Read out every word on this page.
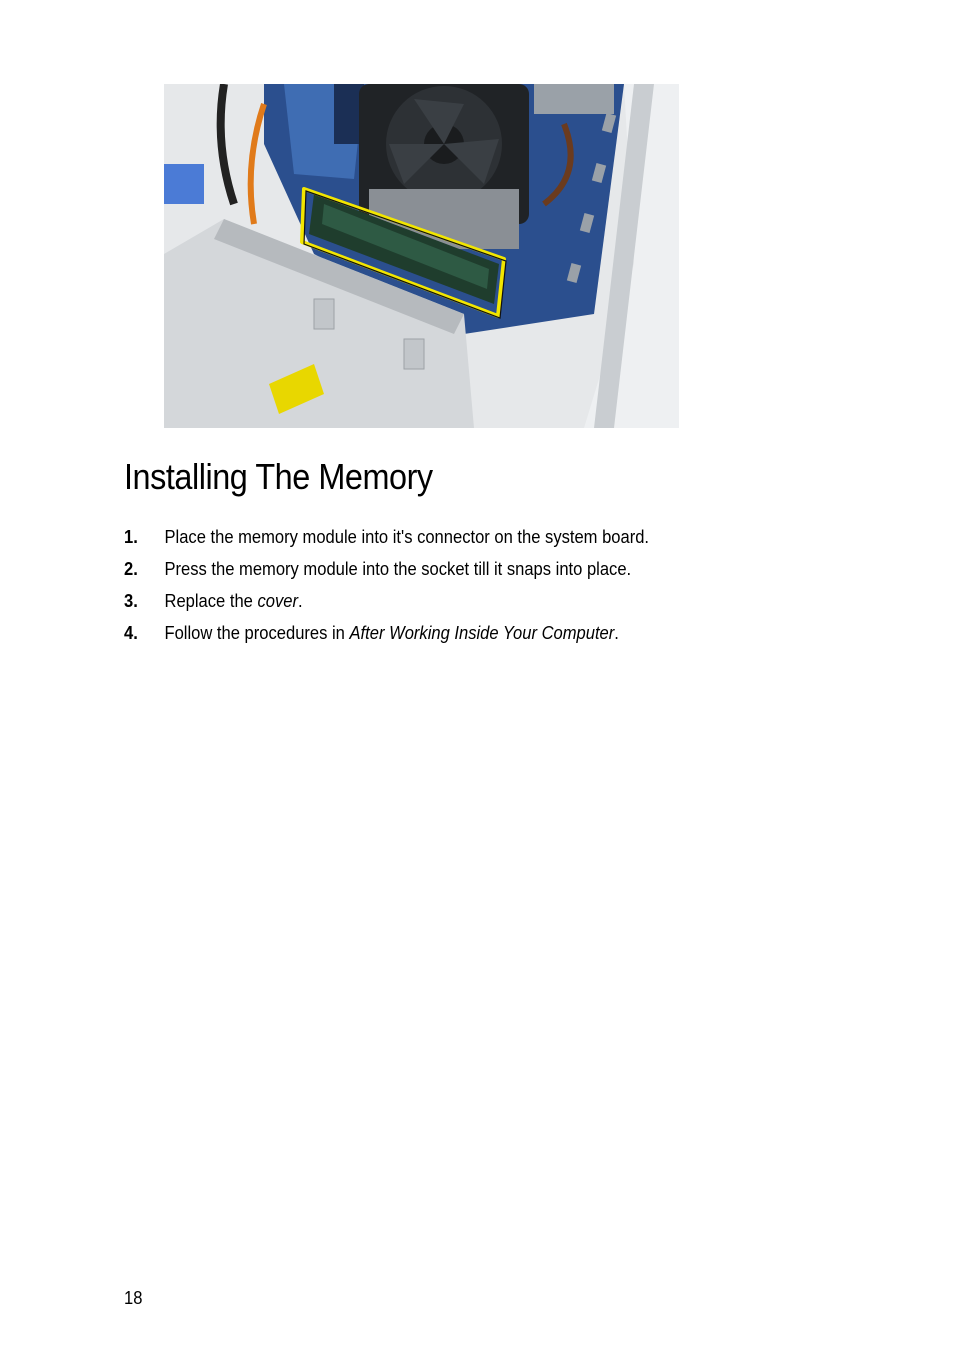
Installing The Memory
1. Place the memory module into it's connector on the system board.
2. Press the memory module into the socket till it snaps into place.
3. Replace the cover.
4. Follow the procedures in After Working Inside Your Computer.
18
